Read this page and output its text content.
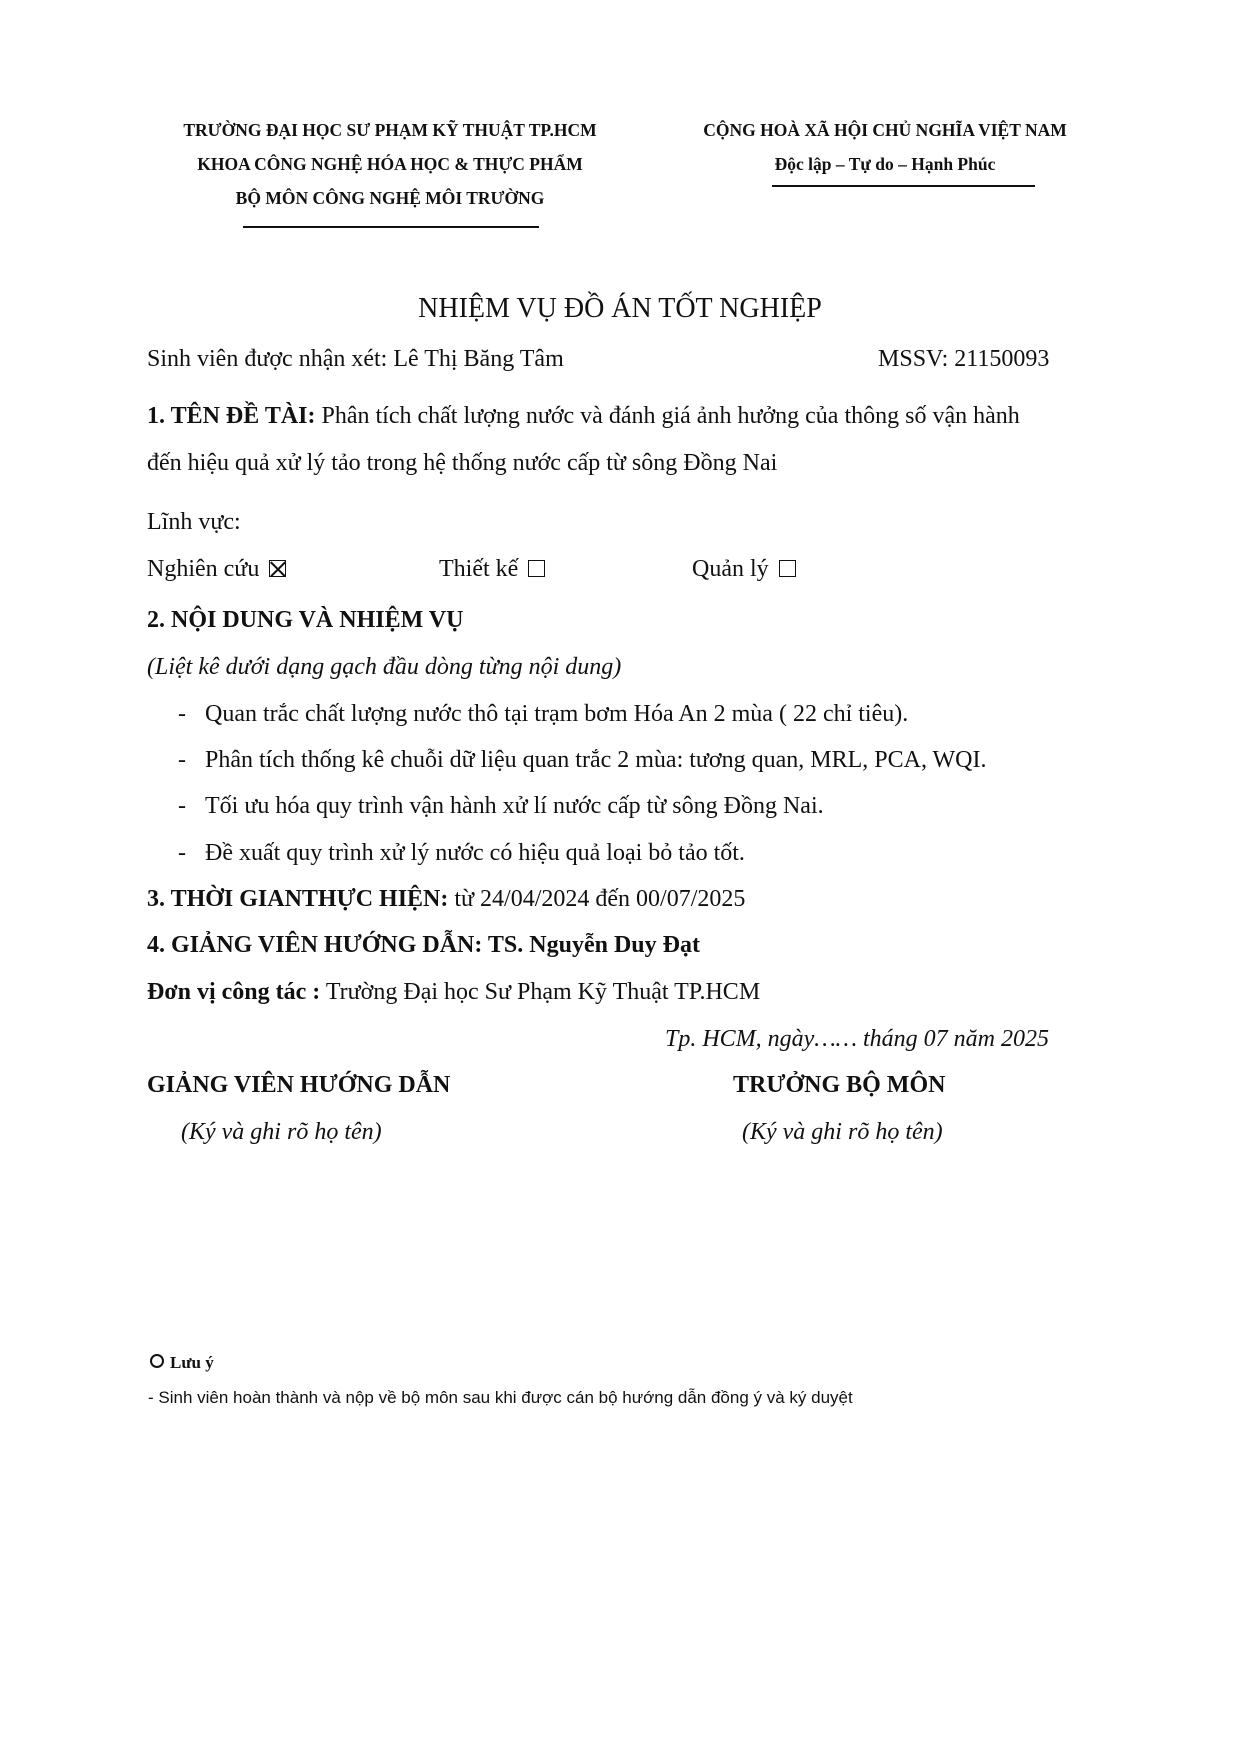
TRƯỜNG ĐẠI HỌC SƯ PHẠM KỸ THUẬT TP.HCM
KHOA CÔNG NGHỆ HÓA HỌC & THỰC PHẨM
BỘ MÔN CÔNG NGHỆ MÔI TRƯỜNG
CỘNG HOÀ XÃ HỘI CHỦ NGHĨA VIỆT NAM
Độc lập – Tự do – Hạnh Phúc
NHIỆM VỤ ĐỒ ÁN TỐT NGHIỆP
Sinh viên được nhận xét: Lê Thị Băng Tâm	MSSV: 21150093
1. TÊN ĐỀ TÀI: Phân tích chất lượng nước và đánh giá ảnh hưởng của thông số vận hành
đến hiệu quả xử lý tảo trong hệ thống nước cấp từ sông Đồng Nai
Lĩnh vực:
Nghiên cứu	Thiết kế	Quản lý
2. NỘI DUNG VÀ NHIỆM VỤ
(Liệt kê dưới dạng gạch đầu dòng từng nội dung)
- Quan trắc chất lượng nước thô tại trạm bơm Hóa An 2 mùa ( 22 chỉ tiêu).
- Phân tích thống kê chuỗi dữ liệu quan trắc 2 mùa: tương quan, MRL, PCA, WQI.
- Tối ưu hóa quy trình vận hành xử lí nước cấp từ sông Đồng Nai.
- Đề xuất quy trình xử lý nước có hiệu quả loại bỏ tảo tốt.
3. THỜI GIANTHỰC HIỆN: từ 24/04/2024 đến 00/07/2025
4. GIẢNG VIÊN HƯỚNG DẪN: TS. Nguyễn Duy Đạt
Đơn vị công tác : Trường Đại học Sư Phạm Kỹ Thuật TP.HCM
Tp. HCM, ngày…… tháng 07 năm 2025
GIẢNG VIÊN HƯỚNG DẪN
(Ký và ghi rõ họ tên)
TRƯỞNG BỘ MÔN
(Ký và ghi rõ họ tên)
Lưu ý
- Sinh viên hoàn thành và nộp về bộ môn sau khi được cán bộ hướng dẫn đồng ý và ký duyệt
